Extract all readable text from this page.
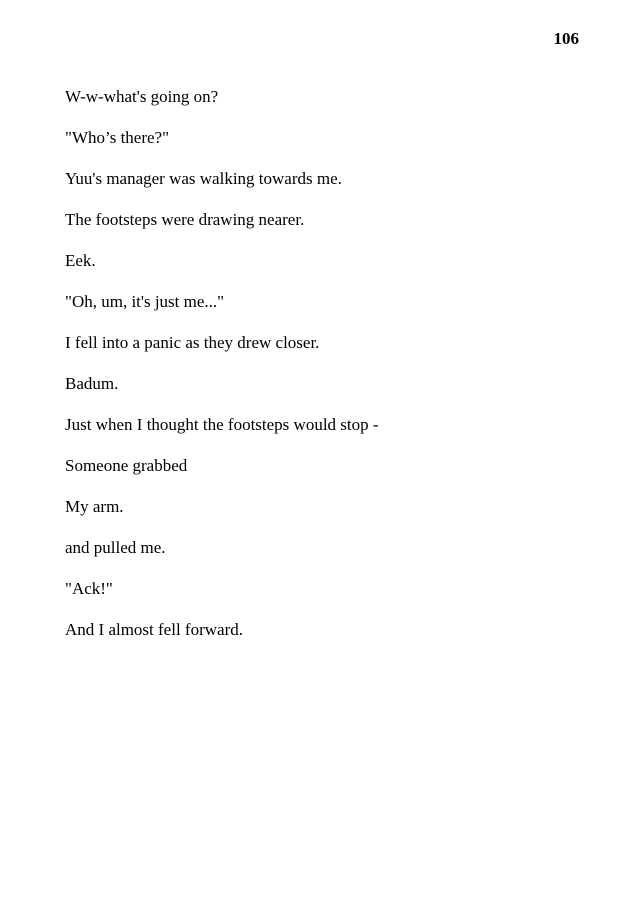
106

W-w-what's going on?

"Who’s there?"

Yuu's manager was walking towards me.

The footsteps were drawing nearer.

Eek.

"Oh, um, it's just me..."

I fell into a panic as they drew closer.

Badum.

Just when I thought the footsteps would stop -

Someone grabbed

My arm.

and pulled me.

"Ack!"

And I almost fell forward.
